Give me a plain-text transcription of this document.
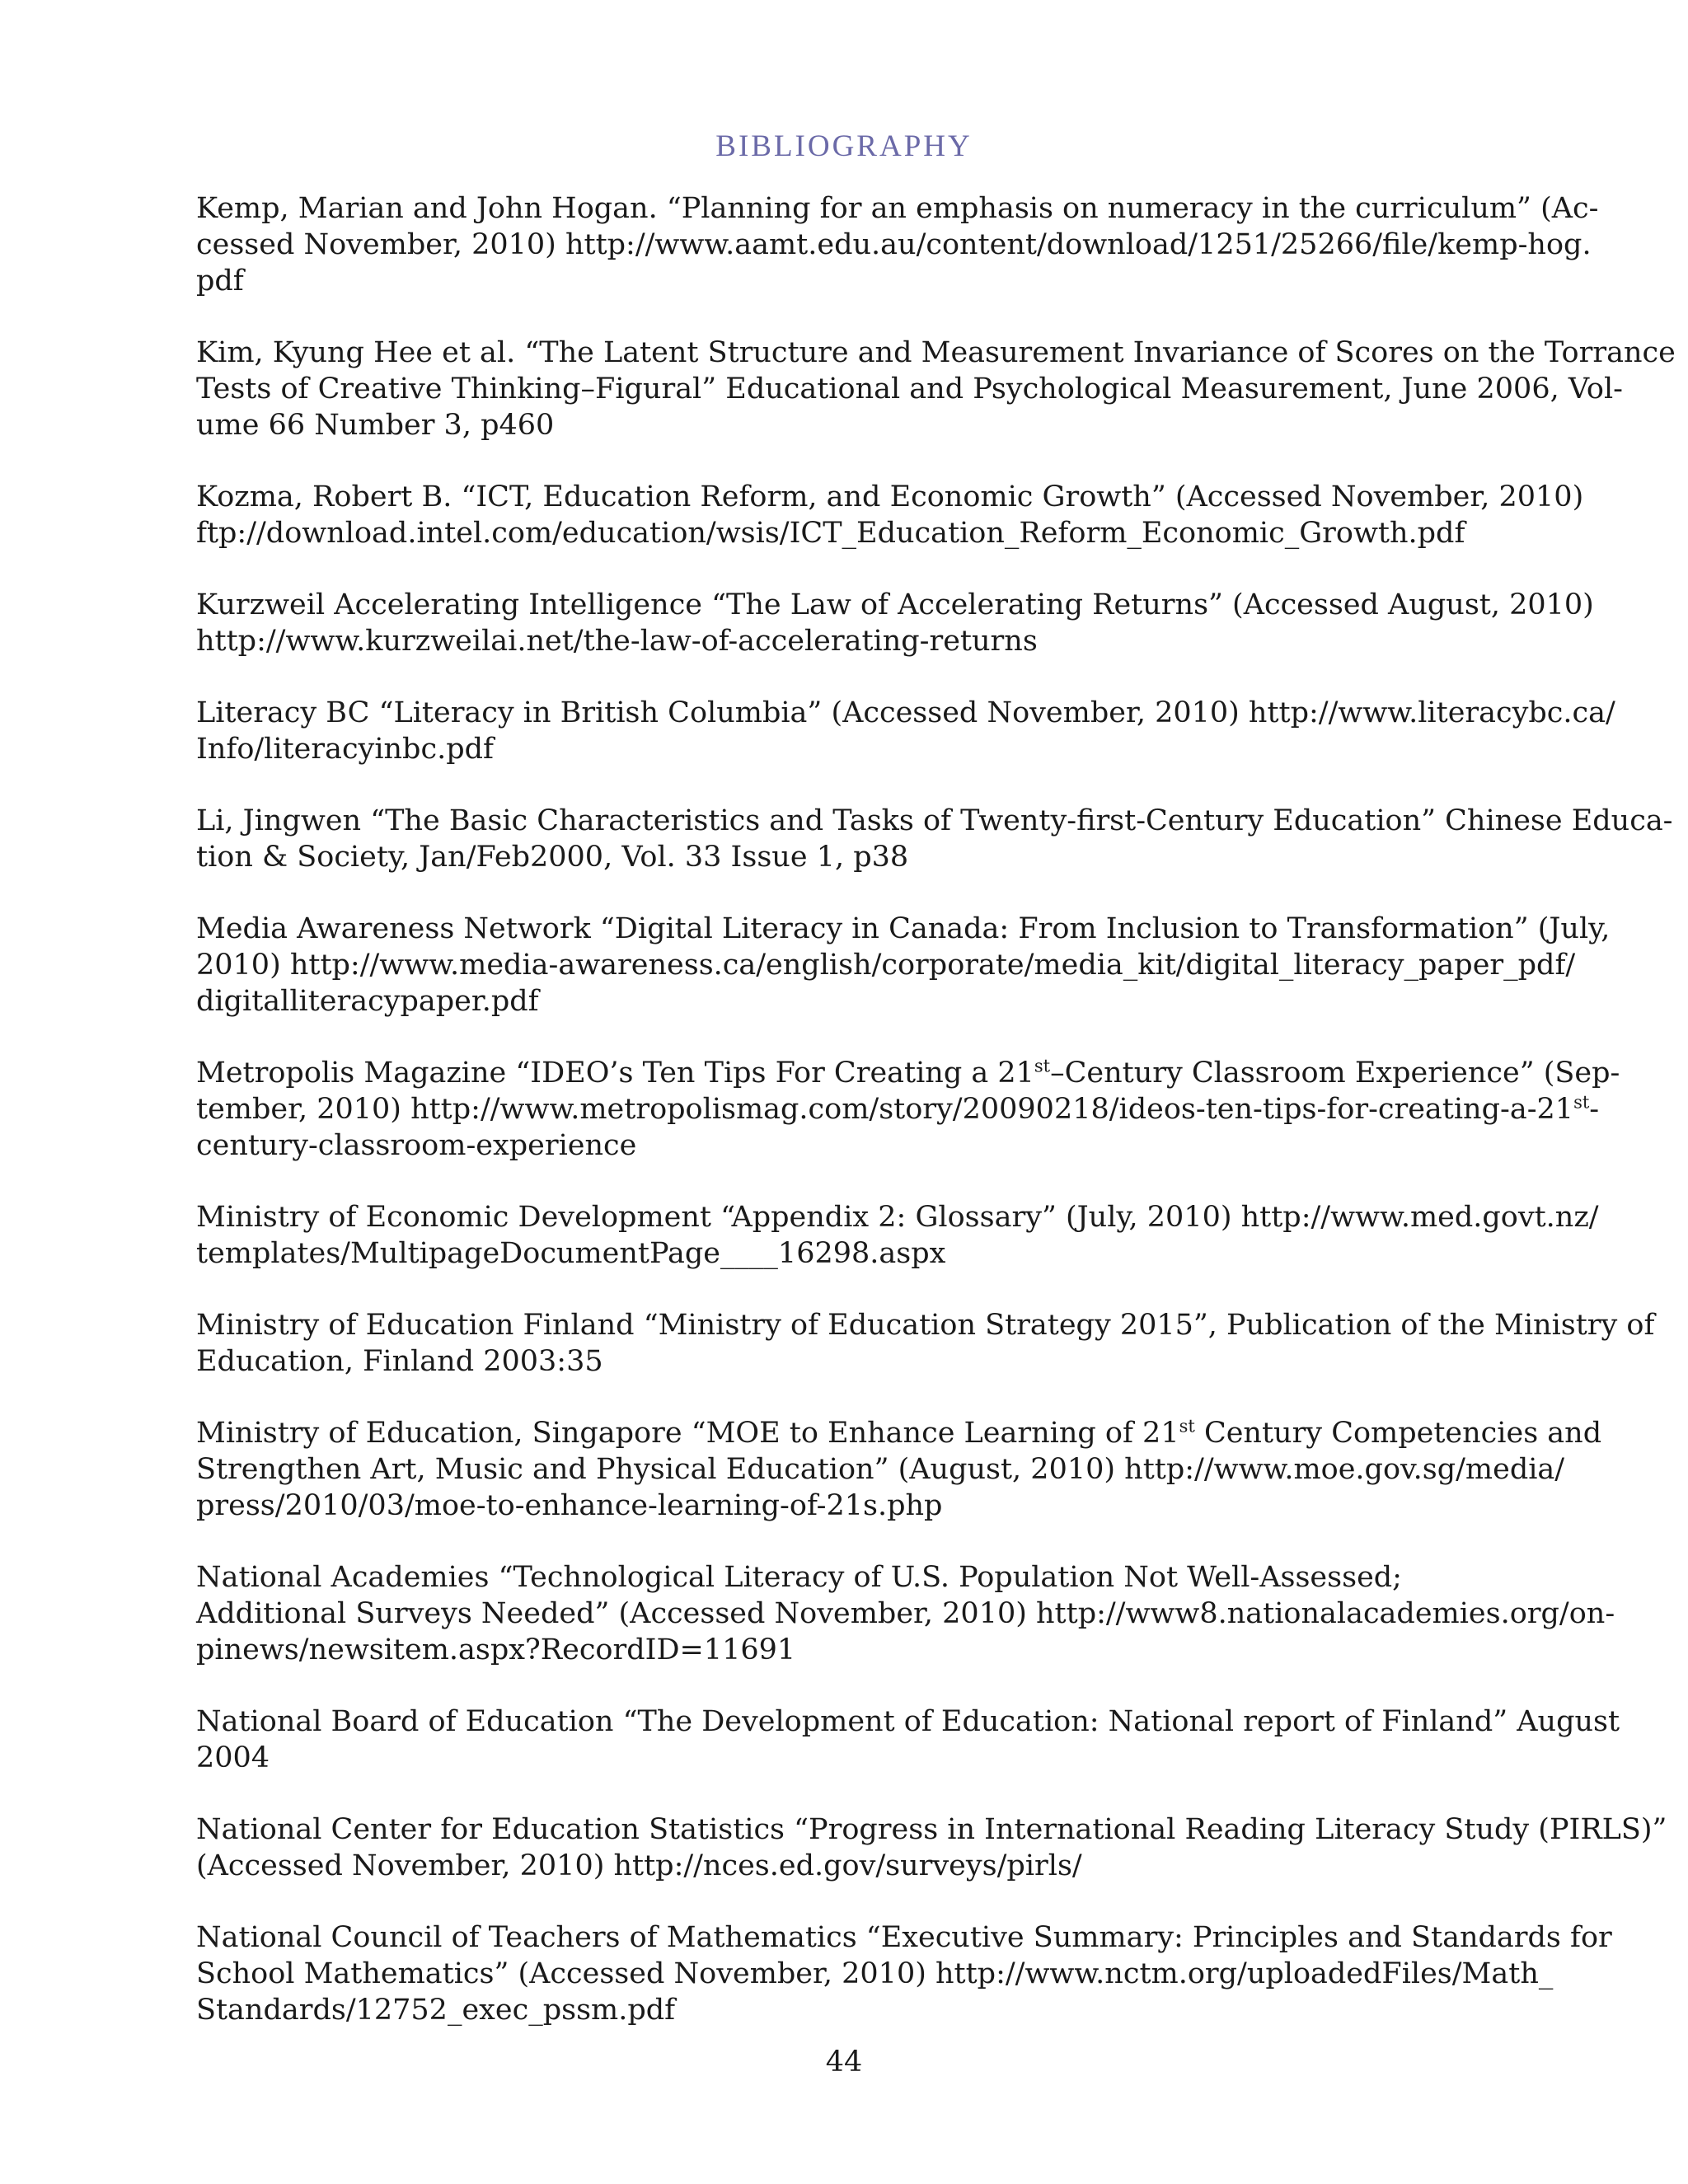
BIBLIOGRAPHY
Kemp, Marian and John Hogan. “Planning for an emphasis on numeracy in the curriculum” (Ac-
cessed November, 2010) http://www.aamt.edu.au/content/download/1251/25266/file/kemp-hog.
pdf
Kim, Kyung Hee et al. “The Latent Structure and Measurement Invariance of Scores on the Torrance
Tests of Creative Thinking–Figural” Educational and Psychological Measurement, June 2006, Vol-
ume 66 Number 3, p460
Kozma, Robert B. “ICT, Education Reform, and Economic Growth” (Accessed November, 2010)
ftp://download.intel.com/education/wsis/ICT_Education_Reform_Economic_Growth.pdf
Kurzweil Accelerating Intelligence “The Law of Accelerating Returns” (Accessed August, 2010)
http://www.kurzweilai.net/the-law-of-accelerating-returns
Literacy BC “Literacy in British Columbia” (Accessed November, 2010) http://www.literacybc.ca/
Info/literacyinbc.pdf
Li, Jingwen “The Basic Characteristics and Tasks of Twenty-first-Century Education” Chinese Educa-
tion & Society, Jan/Feb2000, Vol. 33 Issue 1, p38
Media Awareness Network “Digital Literacy in Canada: From Inclusion to Transformation” (July,
2010) http://www.media-awareness.ca/english/corporate/media_kit/digital_literacy_paper_pdf/
digitalliteracypaper.pdf
Metropolis Magazine “IDEO’s Ten Tips For Creating a 21st–Century Classroom Experience” (Sep-
tember, 2010) http://www.metropolismag.com/story/20090218/ideos-ten-tips-for-creating-a-21st-
century-classroom-experience
Ministry of Economic Development “Appendix 2: Glossary” (July, 2010) http://www.med.govt.nz/
templates/MultipageDocumentPage____16298.aspx
Ministry of Education Finland “Ministry of Education Strategy 2015”, Publication of the Ministry of
Education, Finland 2003:35
Ministry of Education, Singapore “MOE to Enhance Learning of 21st Century Competencies and
Strengthen Art, Music and Physical Education” (August, 2010) http://www.moe.gov.sg/media/
press/2010/03/moe-to-enhance-learning-of-21s.php
National Academies “Technological Literacy of U.S. Population Not Well-Assessed;
Additional Surveys Needed” (Accessed November, 2010) http://www8.nationalacademies.org/on-
pinews/newsitem.aspx?RecordID=11691
National Board of Education “The Development of Education: National report of Finland” August
2004
National Center for Education Statistics “Progress in International Reading Literacy Study (PIRLS)”
(Accessed November, 2010) http://nces.ed.gov/surveys/pirls/
National Council of Teachers of Mathematics “Executive Summary: Principles and Standards for
School Mathematics” (Accessed November, 2010) http://www.nctm.org/uploadedFiles/Math_
Standards/12752_exec_pssm.pdf
44
